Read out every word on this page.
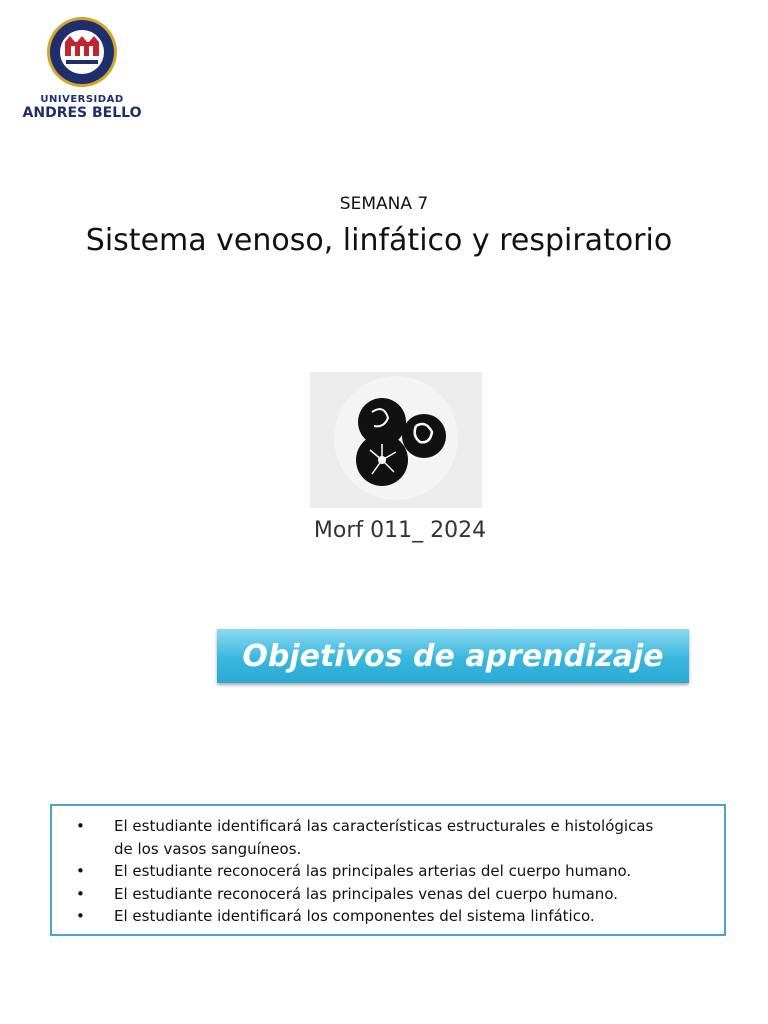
UNIVERSIDAD
ANDRES BELLO
SEMANA 7
Sistema venoso, linfático y respiratorio
Morf 011_ 2024
Objetivos de aprendizaje
• El estudiante identificará las características estructurales e histológicas de los vasos sanguíneos.
• El estudiante reconocerá las principales arterias del cuerpo humano.
• El estudiante reconocerá las principales venas del cuerpo humano.
• El estudiante identificará los componentes del sistema linfático.
